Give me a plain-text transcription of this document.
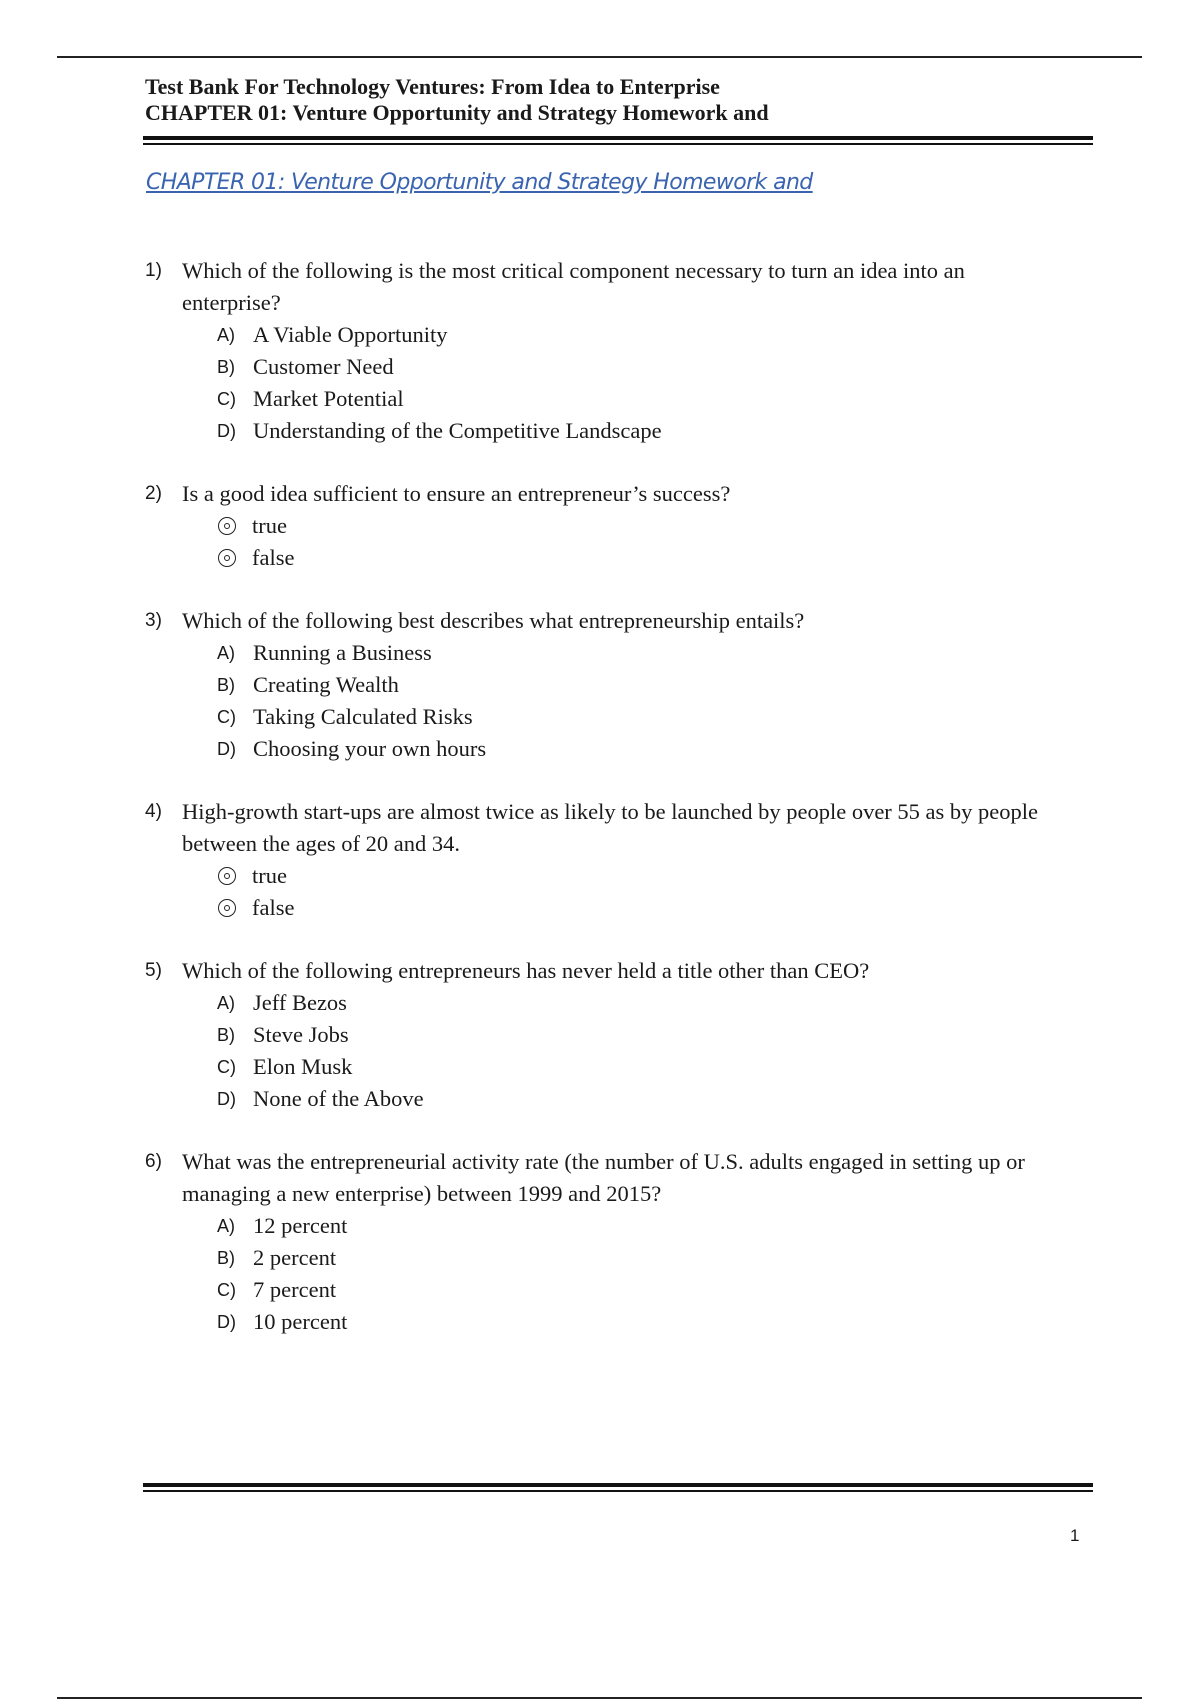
Test Bank For Technology Ventures: From Idea to Enterprise
CHAPTER 01: Venture Opportunity and Strategy Homework and
CHAPTER 01: Venture Opportunity and Strategy Homework and
1) Which of the following is the most critical component necessary to turn an idea into an enterprise?
A) A Viable Opportunity
B) Customer Need
C) Market Potential
D) Understanding of the Competitive Landscape
2) Is a good idea sufficient to ensure an entrepreneur’s success?
true
false
3) Which of the following best describes what entrepreneurship entails?
A) Running a Business
B) Creating Wealth
C) Taking Calculated Risks
D) Choosing your own hours
4) High-growth start-ups are almost twice as likely to be launched by people over 55 as by people between the ages of 20 and 34.
true
false
5) Which of the following entrepreneurs has never held a title other than CEO?
A) Jeff Bezos
B) Steve Jobs
C) Elon Musk
D) None of the Above
6) What was the entrepreneurial activity rate (the number of U.S. adults engaged in setting up or managing a new enterprise) between 1999 and 2015?
A) 12 percent
B) 2 percent
C) 7 percent
D) 10 percent
1
